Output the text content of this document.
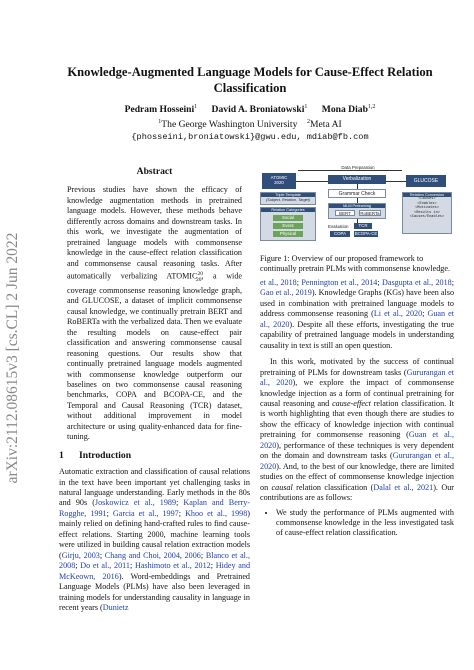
arXiv:2112.08615v3 [cs.CL] 2 Jun 2022
Knowledge-Augmented Language Models for Cause-Effect Relation
Classification
Pedram Hosseini$^1$ David A. Broniatowski$^1$ Mona Diab$^{1,2}$
$^1$The George Washington University $^2$Meta AI
{phosseini,broniatowski}@gwu.edu, mdiab@fb.com
Abstract

Previous studies have shown the efficacy of knowledge augmentation methods in pretrained language models. However, these methods behave differently across domains and downstream tasks. In this work, we investigate the augmentation of pretrained language models with commonsense knowledge in the cause-effect relation classification and commonsense causal reasoning tasks. After automatically verbalizing $ATOMIC^{20}_{20}$, a wide coverage commonsense reasoning knowledge graph, and GLUCOSE, a dataset of implicit commonsense causal knowledge, we continually pretrain BERT and RoBERTa with the verbalized data. Then we evaluate the resulting models on cause-effect pair classification and answering commonsense causal reasoning questions. Our results show that continually pretrained language models augmented with commonsense knowledge outperform our baselines on two commonsense causal reasoning benchmarks, COPA and BCOPA-CE, and the Temporal and Causal Reasoning (TCR) dataset, without additional improvement in model architecture or using quality-enhanced data for fine-tuning.

1 Introduction

Automatic extraction and classification of causal relations in the text have been important yet challenging tasks in natural language understanding. Early methods in the 80s and 90s (Joskowicz et al., 1989; Kaplan and Berry-Rogghe, 1991; Garcia et al., 1997; Khoo et al., 1998) mainly relied on defining hand-crafted rules to find cause-effect relations. Starting 2000, machine learning tools were utilized in building causal relation extraction models (Girju, 2003; Chang and Choi, 2004, 2006; Blanco et al., 2008; Do et al., 2011; Hashimoto et al., 2012; Hidey and McKeown, 2016). Word-embeddings and Pretrained Language Models (PLMs) have also been leveraged in training models for understanding causality in language in recent years (Dunietz

Data Preparation
ATOMIC
2020
Triple Template
(Subject, Relation, Target)
Relation Categories
Social
Event
Physical
Verbalization
Grammar Check
MLM Pretraining
BERT	RoBERTa
Evaluation	TCR
COPA	BCOPA-CE
GLUCOSE
Relation Conversion
<Causes>
<Enables>
<Motivates>
<Results in>
<Causes/Enables>
Figure 1: Overview of our proposed framework to continually pretrain PLMs with commonsense knowledge.

et al., 2018; Pennington et al., 2014; Dasgupta et al., 2018; Gao et al., 2019). Knowledge Graphs (KGs) have been also used in combination with pretrained language models to address commonsense reasoning (Li et al., 2020; Guan et al., 2020). Despite all these efforts, investigating the true capability of pretrained language models in understanding causality in text is still an open question.

In this work, motivated by the success of continual pretraining of PLMs for downstream tasks (Gururangan et al., 2020), we explore the impact of commonsense knowledge injection as a form of continual pretraining for causal reasoning and cause-effect relation classification. It is worth highlighting that even though there are studies to show the efficacy of knowledge injection with continual pretraining for commonsense reasoning (Guan et al., 2020), performance of these techniques is very dependent on the domain and downstream tasks (Gururangan et al., 2020). And, to the best of our knowledge, there are limited studies on the effect of commonsense knowledge injection on causal relation classification (Dalal et al., 2021). Our contributions are as follows:

• We study the performance of PLMs augmented with commonsense knowledge in the less investigated task of cause-effect relation classification.
